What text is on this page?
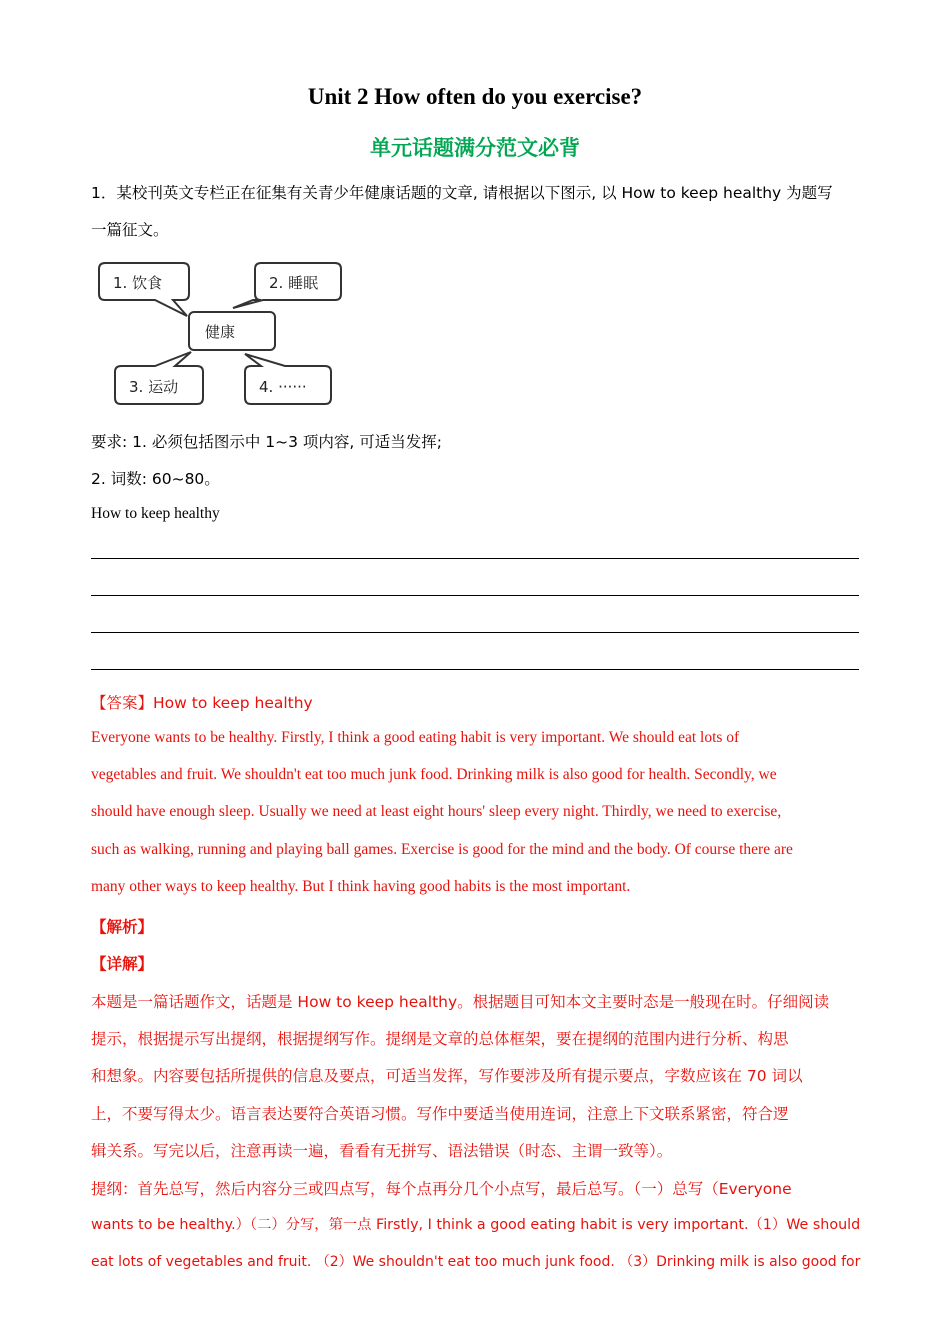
Unit 2 How often do you exercise?
单元话题满分范文必背
1．某校刊英文专栏正在征集有关青少年健康话题的文章, 请根据以下图示, 以 How to keep healthy 为题写
一篇征文。
1. 饮食	2. 睡眠
健康
3. 运动	4. ······
要求: 1. 必须包括图示中 1~3 项内容, 可适当发挥;
2. 词数: 60~80。
How to keep healthy
【答案】How to keep healthy
Everyone wants to be healthy. Firstly, I think a good eating habit is very important. We should eat lots of
vegetables and fruit. We shouldn't eat too much junk food. Drinking milk is also good for health. Secondly, we
should have enough sleep. Usually we need at least eight hours' sleep every night. Thirdly, we need to exercise,
such as walking, running and playing ball games. Exercise is good for the mind and the body. Of course there are
many other ways to keep healthy. But I think having good habits is the most important.
【解析】
【详解】
本题是一篇话题作文，话题是 How to keep healthy。根据题目可知本文主要时态是一般现在时。仔细阅读
提示，根据提示写出提纲，根据提纲写作。提纲是文章的总体框架，要在提纲的范围内进行分析、构思
和想象。内容要包括所提供的信息及要点，可适当发挥，写作要涉及所有提示要点，字数应该在 70 词以
上，不要写得太少。语言表达要符合英语习惯。写作中要适当使用连词，注意上下文联系紧密，符合逻
辑关系。写完以后，注意再读一遍，看看有无拼写、语法错误（时态、主谓一致等）。
提纲：首先总写，然后内容分三或四点写，每个点再分几个小点写，最后总写。（一）总写（Everyone
wants to be healthy.）（二）分写，第一点 Firstly, I think a good eating habit is very important.（1）We should
eat lots of vegetables and fruit. （2）We shouldn't eat too much junk food. （3）Drinking milk is also good for
